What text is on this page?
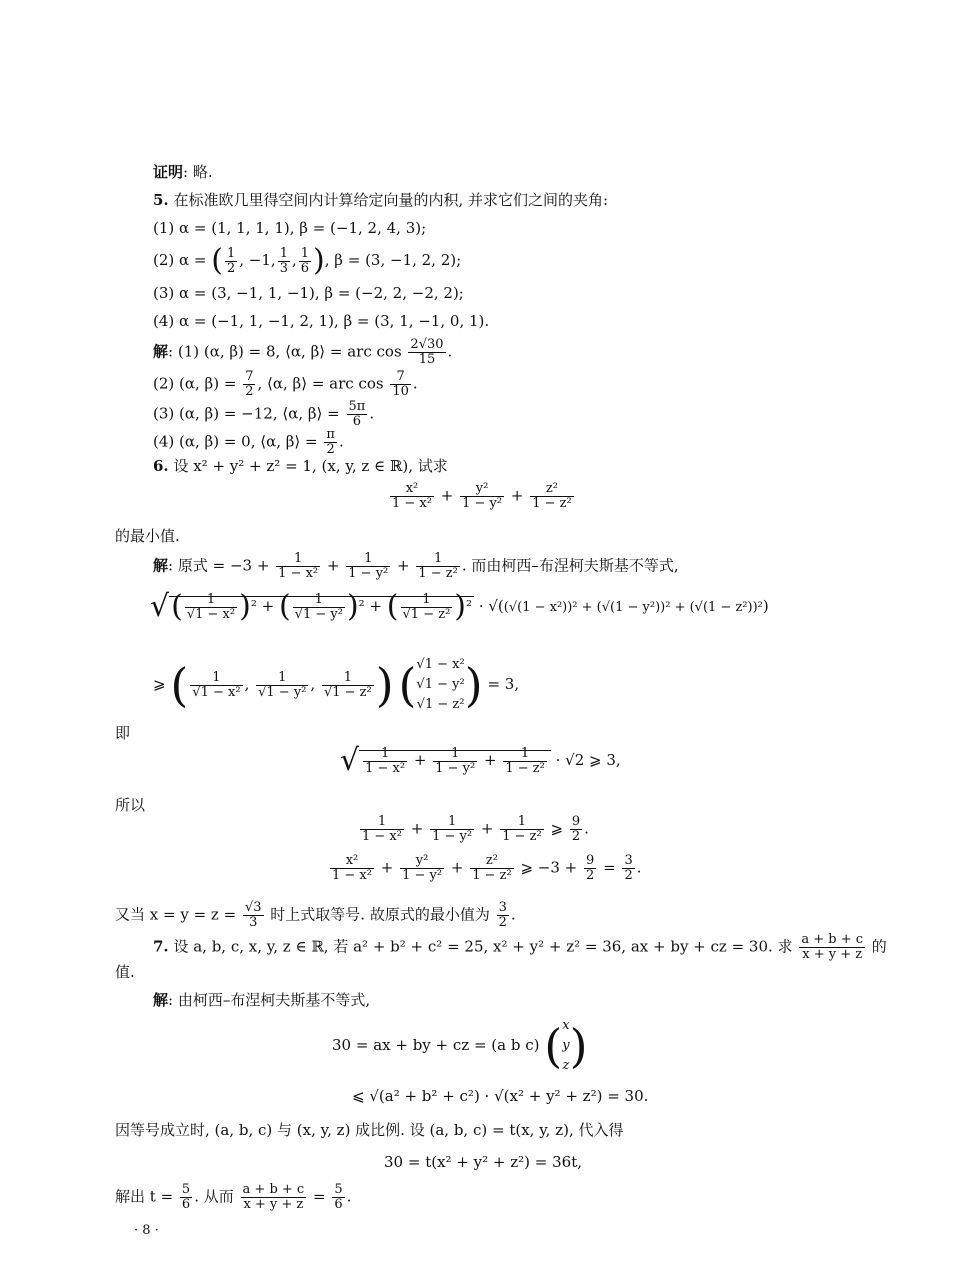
证明: 略.
5. 在标准欧几里得空间内计算给定向量的内积, 并求它们之间的夹角:
(1) α = (1, 1, 1, 1), β = (−1, 2, 4, 3);
(2) α = ( $\frac{1}{2}$ , −1, $\frac{1}{3}$ , $\frac{1}{6}$ ), β = (3, −1, 2, 2);
(3) α = (3, −1, 1, −1), β = (−2, 2, −2, 2);
(4) α = (−1, 1, −1, 2, 1), β = (3, 1, −1, 0, 1).
解: (1) (α, β) = 8, ⟨α, β⟩ = arc $\cos \frac{2√30}{15}$ .
(2) (α, $\beta) = \frac{7}{2}$ , ⟨α, β⟩ = arc $\cos \frac{7}{10}$ .
(3) (α, β) = −12, ⟨α, β⟩ = $\frac{5\pi}{6}$ .
(4) (α, β) = 0, ⟨α, β⟩ = $\frac{\pi}{2}$ .
6. 设 x² + y² + z² = 1, (x, y, z ∈ ℝ), 试求
$\frac{\text{x²}}{\text{1 − x²}} + \frac{\text{y²}}{\text{1 − y²}} + \frac{\text{z²}}{\text{1 − z²}}$
的最小值.
解: 原式 = $-3 + \frac{1}{\text{1 − x²}} + \frac{1}{\text{1 − y²}} + \frac{1}{\text{1 − z²}}$ . 而由柯西–布涅柯夫斯基不等式,
√( $\frac{1}{\text{√1 − x²}} )^2$ + ( $\frac{1}{\text{√1 − y²}} )^2$ + ( $\frac{1}{\text{√1 − z²}} )^2 \cdot √((√(1 - x^2))^2 + (√(1 - y^2))^2 + (√(1 - z^2))^2)$
⩾ ( $\frac{1}{\text{√1 − x²}}$ , $\frac{1}{\text{√1 − y²}}$ , $\frac{1}{\text{√1 − z²}}$ ) ( √1 − x²
√1 − y²
√1 − z² ) = 3,
即
√ $\frac{1}{\text{1 − x²}} + \frac{1}{\text{1 − y²}} + \frac{1}{\text{1 − z²}} \cdot √2$ ⩾ 3,
所以
$\frac{1}{\text{1 − x²}} + \frac{1}{\text{1 − y²}} + \frac{1}{\text{1 − z²}}$ ⩾ $\frac{9}{2}$ .
$\frac{\text{x²}}{\text{1 − x²}} + \frac{\text{y²}}{\text{1 − y²}} + \frac{\text{z²}}{\text{1 − z²}}$ ⩾ $-3 + \frac{9}{2} = \frac{3}{2}$ .
又当 $x = y = z = \frac{√3}{3}$ 时上式取等号. 故原式的最小值为 $\frac{3}{2}$ .
7. 设 a, b, c, x, y, z ∈ ℝ, 若 a² + b² + c² = 25, x² + y² + z² = 36, ax + by + cz = 30. 求 $\frac{a + b + c}{x + y + z}$ 的
值.
解: 由柯西–布涅柯夫斯基不等式,
30 = ax + by + cz = (a b c) ( x
y
z )
⩽ √(a² + b² + c²) · √(x² + y² + z²) = 30.
因等号成立时, (a, b, c) 与 (x, y, z) 成比例. 设 (a, b, c) = t(x, y, z), 代入得
30 = t(x² + y² + z²) = 36t,
解出 $t = \frac{5}{6}$ . 从而 $\frac{a + b + c}{x + y + z} = \frac{5}{6}$ .
· 8 ·
